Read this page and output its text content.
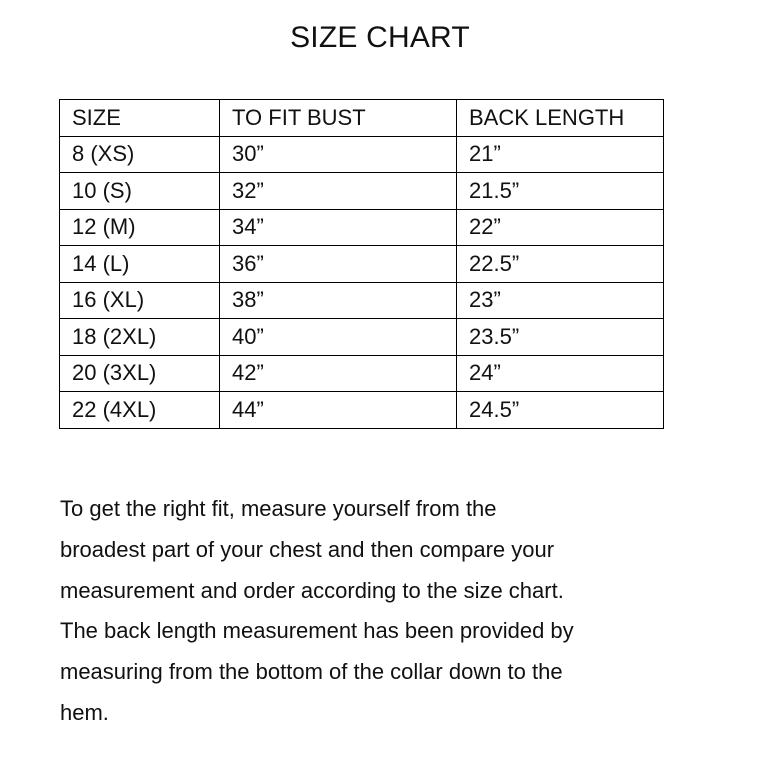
SIZE CHART
SIZE	TO FIT BUST	BACK LENGTH
8 (XS)	30”	21”
10 (S)	32”	21.5”
12 (M)	34”	22”
14 (L)	36”	22.5”
16 (XL)	38”	23”
18 (2XL)	40”	23.5”
20 (3XL)	42”	24”
22 (4XL)	44”	24.5”

To get the right fit, measure yourself from the

broadest part of your chest and then compare your

measurement and order according to the size chart.

The back length measurement has been provided by

measuring from the bottom of the collar down to the

hem.
